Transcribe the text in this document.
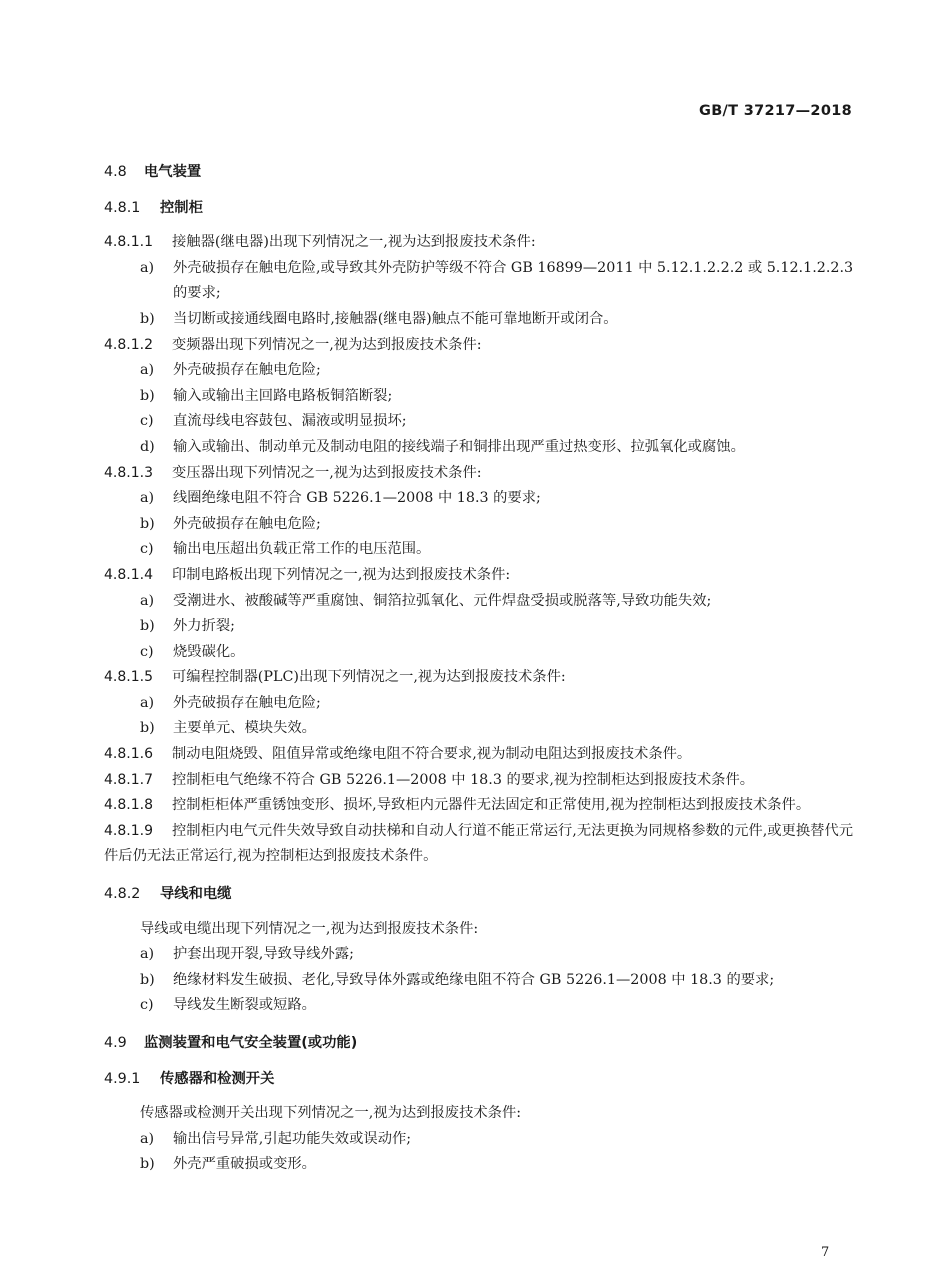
GB/T 37217—2018
4.8 电气装置
4.8.1 控制柜

4.8.1.1 接触器(继电器)出现下列情况之一,视为达到报废技术条件:

a) 外壳破损存在触电危险,或导致其外壳防护等级不符合 GB 16899—2011 中 5.12.1.2.2.2 或 5.12.1.2.2.3 的要求;

b) 当切断或接通线圈电路时,接触器(继电器)触点不能可靠地断开或闭合。

4.8.1.2 变频器出现下列情况之一,视为达到报废技术条件:

a) 外壳破损存在触电危险;

b) 输入或输出主回路电路板铜箔断裂;

c) 直流母线电容鼓包、漏液或明显损坏;

d) 输入或输出、制动单元及制动电阻的接线端子和铜排出现严重过热变形、拉弧氧化或腐蚀。

4.8.1.3 变压器出现下列情况之一,视为达到报废技术条件:

a) 线圈绝缘电阻不符合 GB 5226.1—2008 中 18.3 的要求;

b) 外壳破损存在触电危险;

c) 输出电压超出负载正常工作的电压范围。

4.8.1.4 印制电路板出现下列情况之一,视为达到报废技术条件:

a) 受潮进水、被酸碱等严重腐蚀、铜箔拉弧氧化、元件焊盘受损或脱落等,导致功能失效;

b) 外力折裂;

c) 烧毁碳化。

4.8.1.5 可编程控制器(PLC)出现下列情况之一,视为达到报废技术条件:

a) 外壳破损存在触电危险;

b) 主要单元、模块失效。

4.8.1.6 制动电阻烧毁、阻值异常或绝缘电阻不符合要求,视为制动电阻达到报废技术条件。

4.8.1.7 控制柜电气绝缘不符合 GB 5226.1—2008 中 18.3 的要求,视为控制柜达到报废技术条件。

4.8.1.8 控制柜柜体严重锈蚀变形、损坏,导致柜内元器件无法固定和正常使用,视为控制柜达到报废技术条件。

4.8.1.9 控制柜内电气元件失效导致自动扶梯和自动人行道不能正常运行,无法更换为同规格参数的元件,或更换替代元件后仍无法正常运行,视为控制柜达到报废技术条件。

4.8.2 导线和电缆

导线或电缆出现下列情况之一,视为达到报废技术条件:

a) 护套出现开裂,导致导线外露;

b) 绝缘材料发生破损、老化,导致导体外露或绝缘电阻不符合 GB 5226.1—2008 中 18.3 的要求;

c) 导线发生断裂或短路。

4.9 监测装置和电气安全装置(或功能)
4.9.1 传感器和检测开关

传感器或检测开关出现下列情况之一,视为达到报废技术条件:

a) 输出信号异常,引起功能失效或误动作;

b) 外壳严重破损或变形。

7
